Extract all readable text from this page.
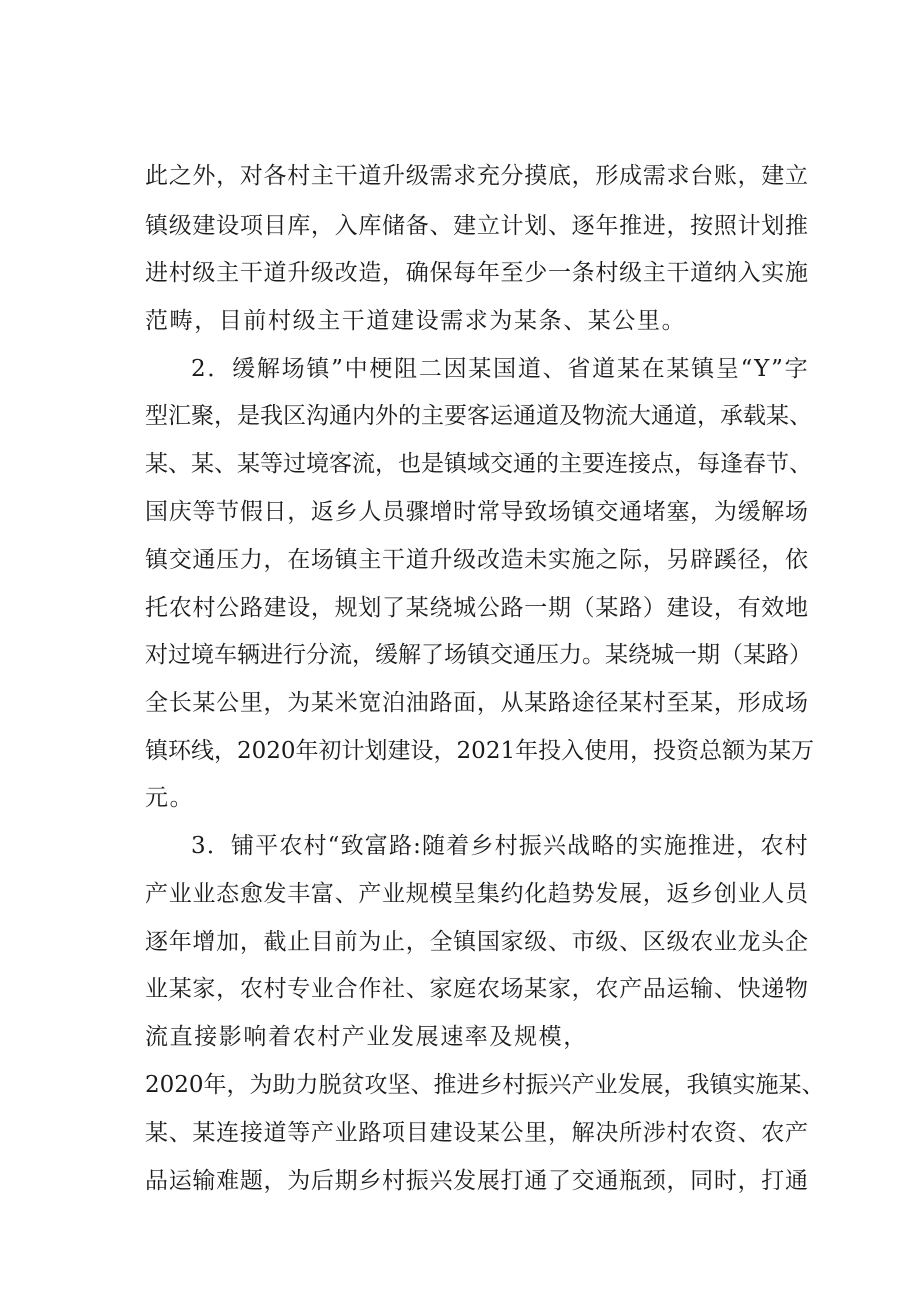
此 之 外 ， 对 各 村 主 干 道 升 级 需 求 充 分 摸 底 ， 形 成 需 求 台 账 ， 建 立
镇 级 建 设 项 目 库 ， 入 库 储 备 、 建 立 计 划 、 逐 年 推 进 ， 按 照 计 划 推
进 村 级 主 干 道 升 级 改 造 ， 确 保 每 年 至 少 一 条 村 级 主 干 道 纳 入 实 施
范畴，目前村级主干道建设需求为某条、某公里。
2 ． 缓 解 场 镇 ” 中 梗 阻 二 因 某 国 道 、 省 道 某 在 某 镇 呈 “ Y ” 字
型 汇 聚 ， 是 我 区 沟 通 内 外 的 主 要 客 运 通 道 及 物 流 大 通 道 ， 承 载 某 、
某 、 某 、 某 等 过 境 客 流 ， 也 是 镇 域 交 通 的 主 要 连 接 点 ， 每 逢 春 节 、
国 庆 等 节 假 日 ， 返 乡 人 员 骤 增 时 常 导 致 场 镇 交 通 堵 塞 ， 为 缓 解 场
镇 交 通 压 力 ， 在 场 镇 主 干 道 升 级 改 造 未 实 施 之 际 ， 另 辟 蹊 径 ， 依
托 农 村 公 路 建 设 ， 规 划 了 某 绕 城 公 路 一 期 （ 某 路 ） 建 设 ， 有 效 地
对 过 境 车 辆 进 行 分 流 ， 缓 解 了 场 镇 交 通 压 力 。 某 绕 城 一 期 （ 某 路 ）
全 长 某 公 里 ， 为 某 米 宽 泊 油 路 面 ， 从 某 路 途 径 某 村 至 某 ， 形 成 场
镇 环 线 ， 2020 年 初 计 划 建 设 ， 2021 年 投 入 使 用 ， 投 资 总 额 为 某 万
元。
3 ． 铺 平 农 村 “ 致 富 路 : 随 着 乡 村 振 兴 战 略 的 实 施 推 进 ， 农 村
产 业 业 态 愈 发 丰 富 、 产 业 规 模 呈 集 约 化 趋 势 发 展 ， 返 乡 创 业 人 员
逐 年 增 加 ， 截 止 目 前 为 止 ， 全 镇 国 家 级 、 市 级 、 区 级 农 业 龙 头 企
业 某 家 ， 农 村 专 业 合 作 社 、 家 庭 农 场 某 家 ， 农 产 品 运 输 、 快 递 物
流直接影响着农村产业发展速率及规模，
2020 年 ， 为 助 力 脱 贫 攻 坚 、 推 进 乡 村 振 兴 产 业 发 展 ， 我 镇 实 施 某 、
某 、 某 连 接 道 等 产 业 路 项 目 建 设 某 公 里 ， 解 决 所 涉 村 农 资 、 农 产
品 运 输 难 题 ， 为 后 期 乡 村 振 兴 发 展 打 通 了 交 通 瓶 颈 ， 同 时 ， 打 通
